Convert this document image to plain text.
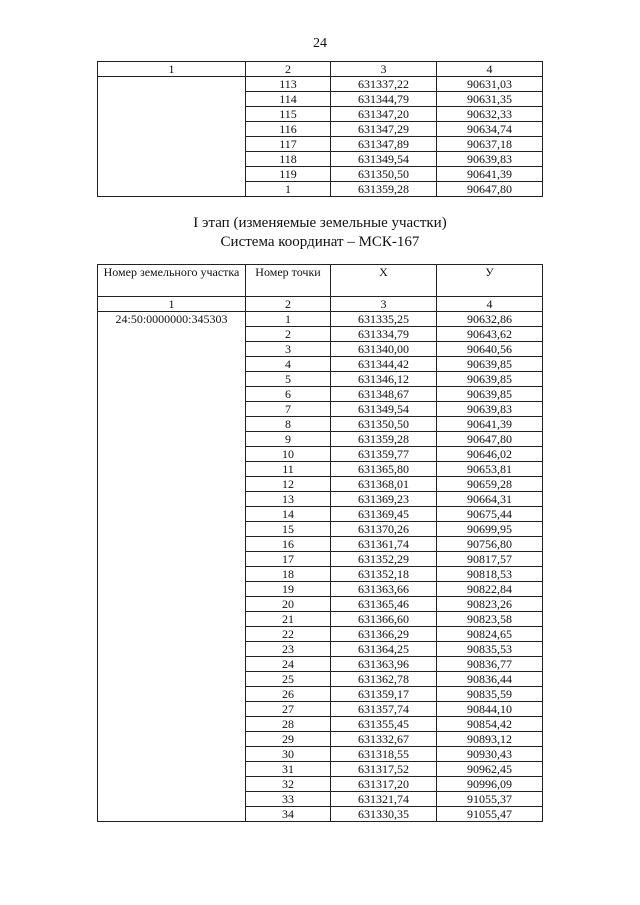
24
1	2	3	4
	113	631337,22	90631,03
	114	631344,79	90631,35
	115	631347,20	90632,33
	116	631347,29	90634,74
	117	631347,89	90637,18
	118	631349,54	90639,83
	119	631350,50	90641,39
	1	631359,28	90647,80
I этап (изменяемые земельные участки)
Система координат – МСК-167
Номер земельного участка	Номер точки	X	У
1	2	3	4
24:50:0000000:345303	1	631335,25	90632,86
	2	631334,79	90643,62
	3	631340,00	90640,56
	4	631344,42	90639,85
	5	631346,12	90639,85
	6	631348,67	90639,85
	7	631349,54	90639,83
	8	631350,50	90641,39
	9	631359,28	90647,80
	10	631359,77	90646,02
	11	631365,80	90653,81
	12	631368,01	90659,28
	13	631369,23	90664,31
	14	631369,45	90675,44
	15	631370,26	90699,95
	16	631361,74	90756,80
	17	631352,29	90817,57
	18	631352,18	90818,53
	19	631363,66	90822,84
	20	631365,46	90823,26
	21	631366,60	90823,58
	22	631366,29	90824,65
	23	631364,25	90835,53
	24	631363,96	90836,77
	25	631362,78	90836,44
	26	631359,17	90835,59
	27	631357,74	90844,10
	28	631355,45	90854,42
	29	631332,67	90893,12
	30	631318,55	90930,43
	31	631317,52	90962,45
	32	631317,20	90996,09
	33	631321,74	91055,37
	34	631330,35	91055,47
